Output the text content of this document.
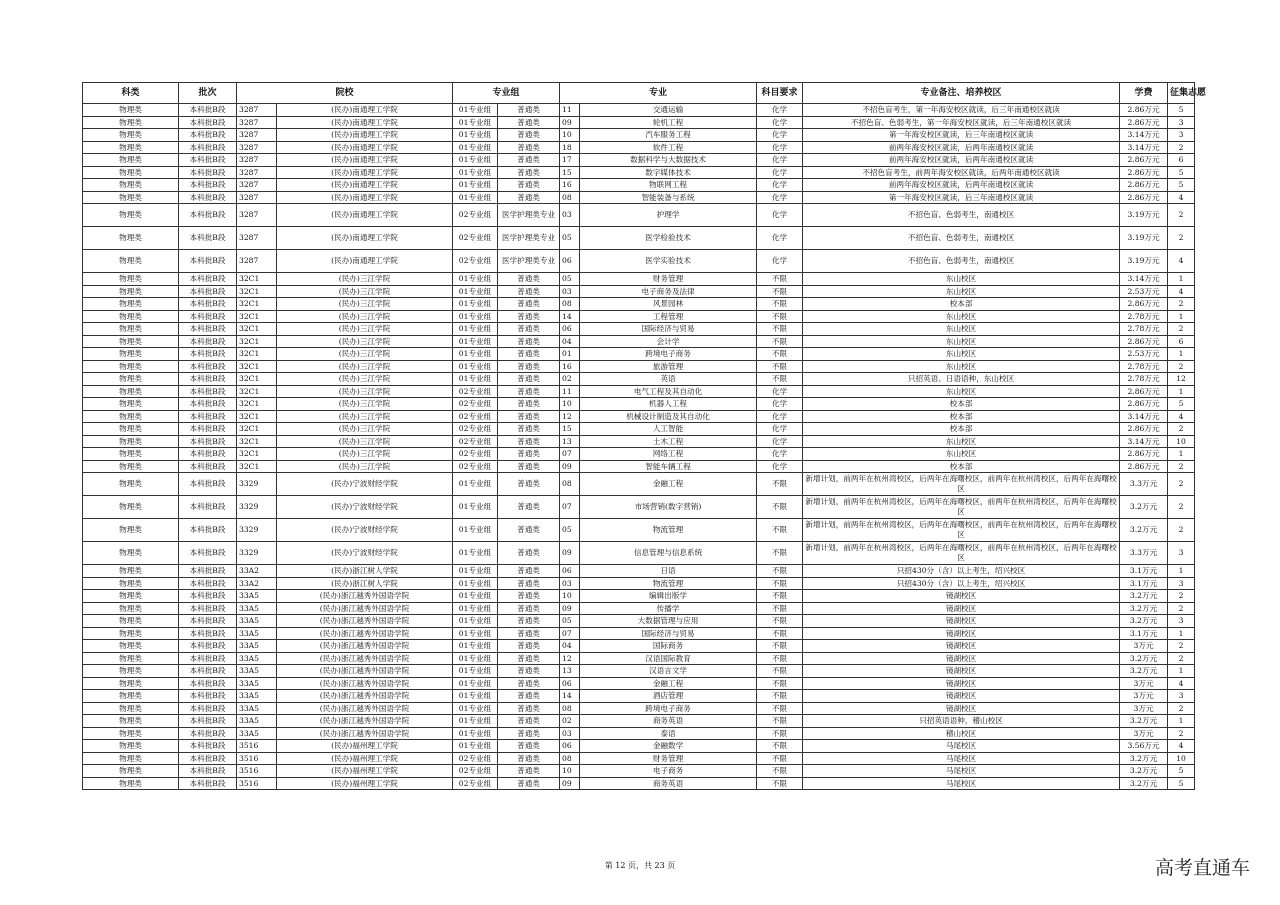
科类	批次	院校		专业组		专业		科目要求	专业备注、培养校区	学费	征集志愿
物理类	本科批B段	3287	(民办)南通理工学院	01专业组	普通类	11	交通运输	化学	不招色盲考生，第一年海安校区就读，后三年南通校区就读	2.86万元	5
物理类	本科批B段	3287	(民办)南通理工学院	01专业组	普通类	09	轮机工程	化学	不招色盲、色弱考生，第一年海安校区就读，后三年南通校区就读	2.86万元	3
物理类	本科批B段	3287	(民办)南通理工学院	01专业组	普通类	10	汽车服务工程	化学	第一年海安校区就读，后三年南通校区就读	3.14万元	3
物理类	本科批B段	3287	(民办)南通理工学院	01专业组	普通类	18	软件工程	化学	前两年海安校区就读，后两年南通校区就读	3.14万元	2
物理类	本科批B段	3287	(民办)南通理工学院	01专业组	普通类	17	数据科学与大数据技术	化学	前两年海安校区就读，后两年南通校区就读	2.86万元	6
物理类	本科批B段	3287	(民办)南通理工学院	01专业组	普通类	15	数字媒体技术	化学	不招色盲考生，前两年海安校区就读，后两年南通校区就读	2.86万元	5
物理类	本科批B段	3287	(民办)南通理工学院	01专业组	普通类	16	物联网工程	化学	前两年海安校区就读，后两年南通校区就读	2.86万元	5
物理类	本科批B段	3287	(民办)南通理工学院	01专业组	普通类	08	智能装备与系统	化学	第一年海安校区就读，后三年南通校区就读	2.86万元	4
物理类	本科批B段	3287	(民办)南通理工学院	02专业组	医学护理类专业	03	护理学	化学	不招色盲、色弱考生，南通校区	3.19万元	2
物理类	本科批B段	3287	(民办)南通理工学院	02专业组	医学护理类专业	05	医学检验技术	化学	不招色盲、色弱考生，南通校区	3.19万元	2
物理类	本科批B段	3287	(民办)南通理工学院	02专业组	医学护理类专业	06	医学实验技术	化学	不招色盲、色弱考生，南通校区	3.19万元	4
物理类	本科批B段	32C1	(民办)三江学院	01专业组	普通类	05	财务管理	不限	东山校区	3.14万元	1
物理类	本科批B段	32C1	(民办)三江学院	01专业组	普通类	03	电子商务及法律	不限	东山校区	2.53万元	4
物理类	本科批B段	32C1	(民办)三江学院	01专业组	普通类	08	风景园林	不限	校本部	2.86万元	2
物理类	本科批B段	32C1	(民办)三江学院	01专业组	普通类	14	工程管理	不限	东山校区	2.78万元	1
物理类	本科批B段	32C1	(民办)三江学院	01专业组	普通类	06	国际经济与贸易	不限	东山校区	2.78万元	2
物理类	本科批B段	32C1	(民办)三江学院	01专业组	普通类	04	会计学	不限	东山校区	2.86万元	6
物理类	本科批B段	32C1	(民办)三江学院	01专业组	普通类	01	跨境电子商务	不限	东山校区	2.53万元	1
物理类	本科批B段	32C1	(民办)三江学院	01专业组	普通类	16	旅游管理	不限	东山校区	2.78万元	2
物理类	本科批B段	32C1	(民办)三江学院	01专业组	普通类	02	英语	不限	只招英语、日语语种，东山校区	2.78万元	12
物理类	本科批B段	32C1	(民办)三江学院	02专业组	普通类	11	电气工程及其自动化	化学	东山校区	2.86万元	1
物理类	本科批B段	32C1	(民办)三江学院	02专业组	普通类	10	机器人工程	化学	校本部	2.86万元	5
物理类	本科批B段	32C1	(民办)三江学院	02专业组	普通类	12	机械设计制造及其自动化	化学	校本部	3.14万元	4
物理类	本科批B段	32C1	(民办)三江学院	02专业组	普通类	15	人工智能	化学	校本部	2.86万元	2
物理类	本科批B段	32C1	(民办)三江学院	02专业组	普通类	13	土木工程	化学	东山校区	3.14万元	10
物理类	本科批B段	32C1	(民办)三江学院	02专业组	普通类	07	网络工程	化学	东山校区	2.86万元	1
物理类	本科批B段	32C1	(民办)三江学院	02专业组	普通类	09	智能车辆工程	化学	校本部	2.86万元	2
物理类	本科批B段	3329	(民办)宁波财经学院	01专业组	普通类	08	金融工程	不限	新增计划，前两年在杭州湾校区，后两年在海曙校区，前两年在杭州湾校区，后两年在海曙校区	3.3万元	2
物理类	本科批B段	3329	(民办)宁波财经学院	01专业组	普通类	07	市场营销(数字营销)	不限	新增计划，前两年在杭州湾校区，后两年在海曙校区，前两年在杭州湾校区，后两年在海曙校区	3.2万元	2
物理类	本科批B段	3329	(民办)宁波财经学院	01专业组	普通类	05	物流管理	不限	新增计划，前两年在杭州湾校区，后两年在海曙校区，前两年在杭州湾校区，后两年在海曙校区	3.2万元	2
物理类	本科批B段	3329	(民办)宁波财经学院	01专业组	普通类	09	信息管理与信息系统	不限	新增计划，前两年在杭州湾校区，后两年在海曙校区，前两年在杭州湾校区，后两年在海曙校区	3.3万元	3
物理类	本科批B段	33A2	(民办)浙江树人学院	01专业组	普通类	06	日语	不限	只招430分（含）以上考生，绍兴校区	3.1万元	1
物理类	本科批B段	33A2	(民办)浙江树人学院	01专业组	普通类	03	物流管理	不限	只招430分（含）以上考生，绍兴校区	3.1万元	3
物理类	本科批B段	33A5	(民办)浙江越秀外国语学院	01专业组	普通类	10	编辑出版学	不限	镜湖校区	3.2万元	2
物理类	本科批B段	33A5	(民办)浙江越秀外国语学院	01专业组	普通类	09	传播学	不限	镜湖校区	3.2万元	2
物理类	本科批B段	33A5	(民办)浙江越秀外国语学院	01专业组	普通类	05	大数据管理与应用	不限	镜湖校区	3.2万元	3
物理类	本科批B段	33A5	(民办)浙江越秀外国语学院	01专业组	普通类	07	国际经济与贸易	不限	镜湖校区	3.1万元	1
物理类	本科批B段	33A5	(民办)浙江越秀外国语学院	01专业组	普通类	04	国际商务	不限	镜湖校区	3万元	2
物理类	本科批B段	33A5	(民办)浙江越秀外国语学院	01专业组	普通类	12	汉语国际教育	不限	镜湖校区	3.2万元	2
物理类	本科批B段	33A5	(民办)浙江越秀外国语学院	01专业组	普通类	13	汉语言文学	不限	镜湖校区	3.2万元	1
物理类	本科批B段	33A5	(民办)浙江越秀外国语学院	01专业组	普通类	06	金融工程	不限	镜湖校区	3万元	4
物理类	本科批B段	33A5	(民办)浙江越秀外国语学院	01专业组	普通类	14	酒店管理	不限	镜湖校区	3万元	3
物理类	本科批B段	33A5	(民办)浙江越秀外国语学院	01专业组	普通类	08	跨境电子商务	不限	镜湖校区	3万元	2
物理类	本科批B段	33A5	(民办)浙江越秀外国语学院	01专业组	普通类	02	商务英语	不限	只招英语语种，稽山校区	3.2万元	1
物理类	本科批B段	33A5	(民办)浙江越秀外国语学院	01专业组	普通类	03	泰语	不限	稽山校区	3万元	2
物理类	本科批B段	3516	(民办)福州理工学院	01专业组	普通类	06	金融数学	不限	马尾校区	3.56万元	4
物理类	本科批B段	3516	(民办)福州理工学院	02专业组	普通类	08	财务管理	不限	马尾校区	3.2万元	10
物理类	本科批B段	3516	(民办)福州理工学院	02专业组	普通类	10	电子商务	不限	马尾校区	3.2万元	5
物理类	本科批B段	3516	(民办)福州理工学院	02专业组	普通类	09	商务英语	不限	马尾校区	3.2万元	5
第 12 页，共 23 页	高考直通车
